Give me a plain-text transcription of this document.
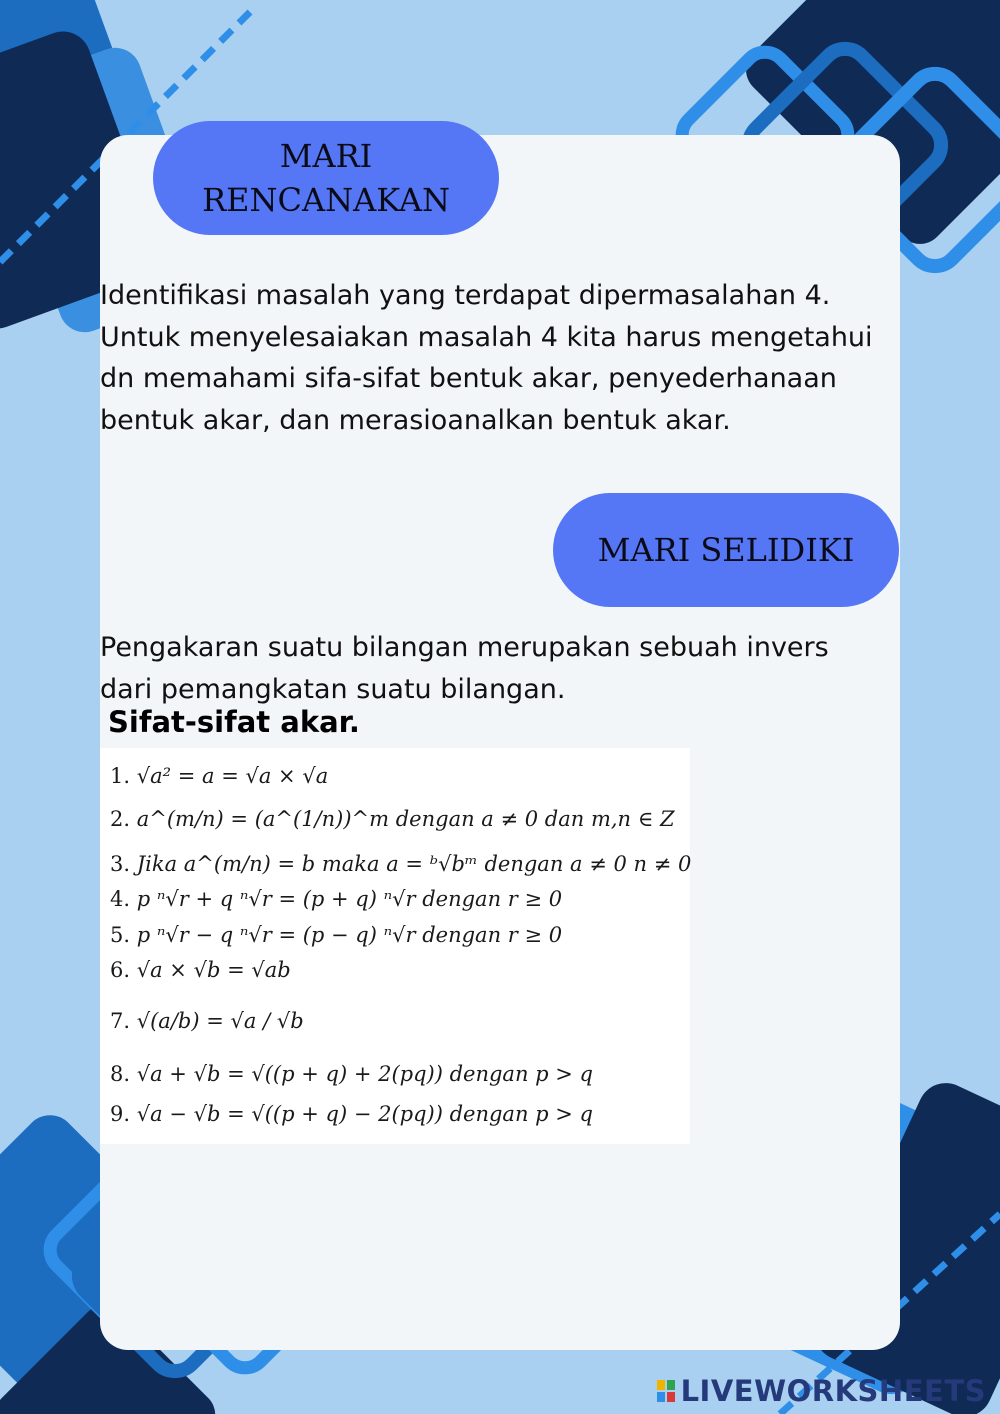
MARI
RENCANAKAN
Identifikasi masalah yang terdapat dipermasalahan 4.
Untuk menyelesaiakan masalah 4 kita harus mengetahui
dn memahami sifa-sifat bentuk akar, penyederhanaan
bentuk akar, dan merasioanalkan bentuk akar.
MARI SELIDIKI
Pengakaran suatu bilangan merupakan sebuah invers
dari pemangkatan suatu bilangan.
Sifat-sifat akar.
1. √a² = a = √a × √a
2. a^(m/n) = (a^(1/n))^m dengan a ≠ 0 dan m,n ∈ Z
3. Jika a^(m/n) = b maka a = ᵇ√bᵐ dengan a ≠ 0 n ≠ 0
4. p ⁿ√r + q ⁿ√r = (p + q) ⁿ√r dengan r ≥ 0
5. p ⁿ√r − q ⁿ√r = (p − q) ⁿ√r dengan r ≥ 0
6. √a × √b = √ab
7. √(a/b) = √a / √b
8. √a + √b = √((p + q) + 2(pq)) dengan p > q
9. √a − √b = √((p + q) − 2(pq)) dengan p > q
LIVEWORKSHEETS
